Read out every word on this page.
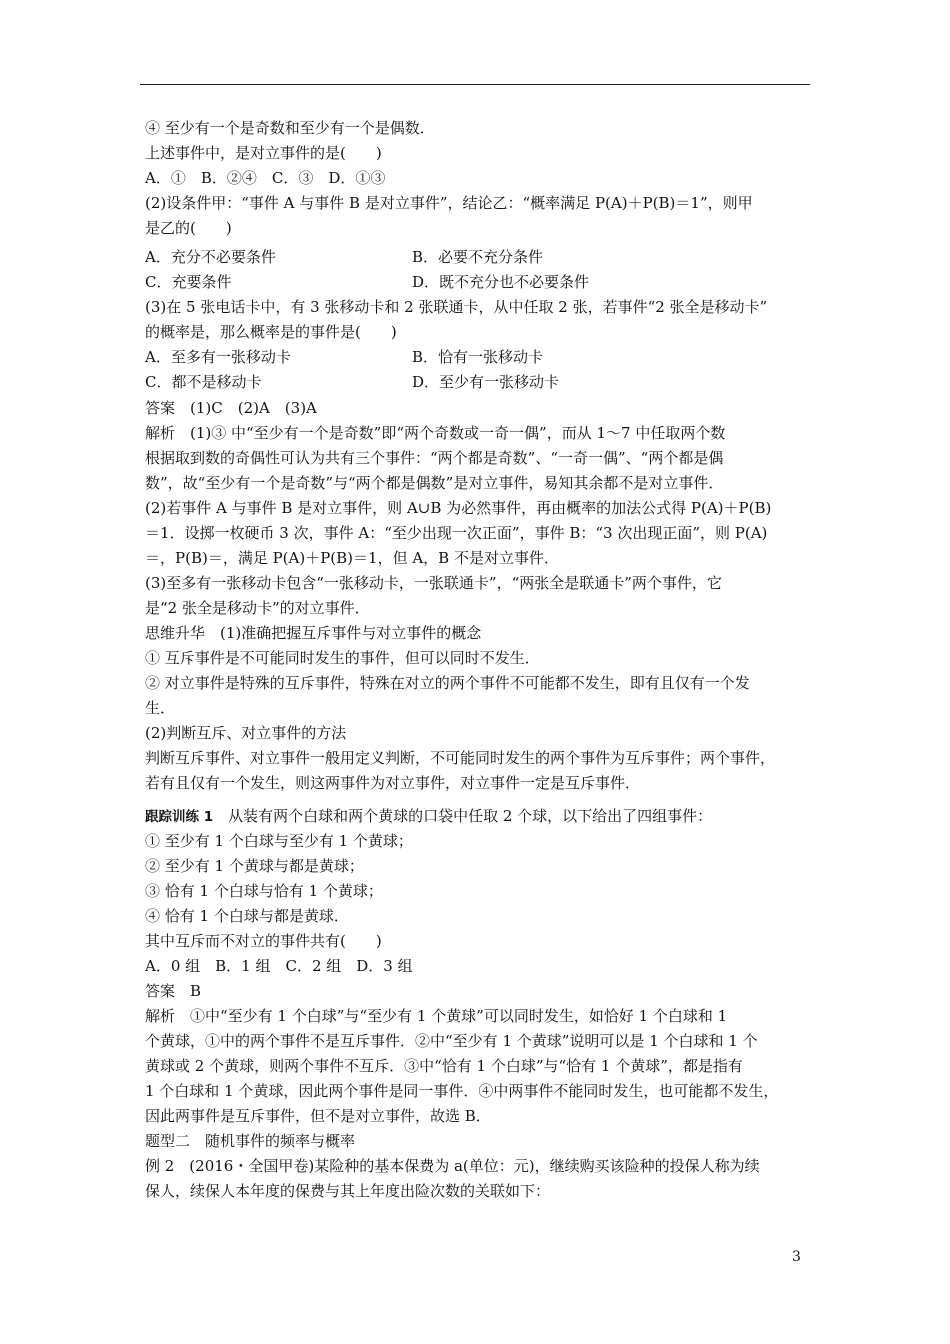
④ 至少有一个是奇数和至少有一个是偶数．
上述事件中，是对立事件的是(　　)
A．①　B．②④　C．③　D．①③
(2)设条件甲：“事件 A 与事件 B 是对立事件”，结论乙：“概率满足 P(A)＋P(B)＝1”，则甲
是乙的(　　)
A．充分不必要条件	B．必要不充分条件
C．充要条件	D．既不充分也不必要条件
(3)在 5 张电话卡中，有 3 张移动卡和 2 张联通卡，从中任取 2 张，若事件“2 张全是移动卡”
的概率是，那么概率是的事件是(　　)
A．至多有一张移动卡	B．恰有一张移动卡
C．都不是移动卡	D．至少有一张移动卡
答案　(1)C　(2)A　(3)A
解析　(1)③ 中“至少有一个是奇数”即“两个奇数或一奇一偶”，而从 1～7 中任取两个数
根据取到数的奇偶性可认为共有三个事件：“两个都是奇数”、“一奇一偶”、“两个都是偶
数”，故“至少有一个是奇数”与“两个都是偶数”是对立事件，易知其余都不是对立事件．
(2)若事件 A 与事件 B 是对立事件，则 A∪B 为必然事件，再由概率的加法公式得 P(A)＋P(B)
＝1．设掷一枚硬币 3 次，事件 A：“至少出现一次正面”，事件 B：“3 次出现正面”，则 P(A)
＝，P(B)＝，满足 P(A)＋P(B)＝1，但 A，B 不是对立事件．
(3)至多有一张移动卡包含“一张移动卡，一张联通卡”，“两张全是联通卡”两个事件，它
是“2 张全是移动卡”的对立事件．
思维升华　(1)准确把握互斥事件与对立事件的概念
① 互斥事件是不可能同时发生的事件，但可以同时不发生．
② 对立事件是特殊的互斥事件，特殊在对立的两个事件不可能都不发生，即有且仅有一个发
生．
(2)判断互斥、对立事件的方法
判断互斥事件、对立事件一般用定义判断，不可能同时发生的两个事件为互斥事件；两个事件，
若有且仅有一个发生，则这两事件为对立事件，对立事件一定是互斥事件．
跟踪训练 1　从装有两个白球和两个黄球的口袋中任取 2 个球，以下给出了四组事件：
① 至少有 1 个白球与至少有 1 个黄球；
② 至少有 1 个黄球与都是黄球；
③ 恰有 1 个白球与恰有 1 个黄球；
④ 恰有 1 个白球与都是黄球．
其中互斥而不对立的事件共有(　　)
A．0 组　B．1 组　C．2 组　D．3 组
答案　B
解析　①中“至少有 1 个白球”与“至少有 1 个黄球”可以同时发生，如恰好 1 个白球和 1
个黄球，①中的两个事件不是互斥事件．②中“至少有 1 个黄球”说明可以是 1 个白球和 1 个
黄球或 2 个黄球，则两个事件不互斥．③中“恰有 1 个白球”与“恰有 1 个黄球”，都是指有
1 个白球和 1 个黄球，因此两个事件是同一事件．④中两事件不能同时发生，也可能都不发生，
因此两事件是互斥事件，但不是对立事件，故选 B．
题型二　随机事件的频率与概率
例 2　(2016・全国甲卷)某险种的基本保费为 a(单位：元)，继续购买该险种的投保人称为续
保人，续保人本年度的保费与其上年度出险次数的关联如下：
3
